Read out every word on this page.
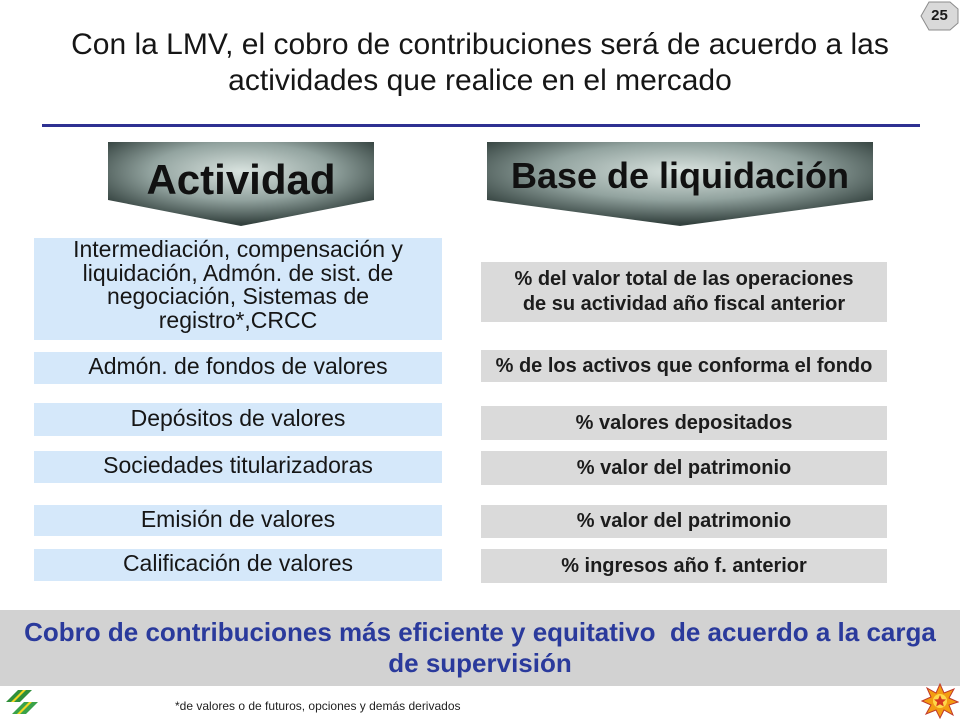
25
Con la LMV, el cobro de contribuciones será de acuerdo a las
actividades que realice en el mercado
Actividad	Base de liquidación
Intermediación, compensación y
liquidación, Admón. de sist. de
negociación, Sistemas de
registro*,CRCC
Admón. de fondos de valores
Depósitos de valores
Sociedades titularizadoras
Emisión de valores
Calificación de valores
% del valor total de las operaciones
de su actividad año fiscal anterior
% de los activos que conforma el fondo
% valores depositados
% valor del patrimonio
% valor del patrimonio
% ingresos año f. anterior
Cobro de contribuciones más eficiente y equitativo  de acuerdo a la carga
de supervisión
*de valores o de futuros, opciones y demás derivados
